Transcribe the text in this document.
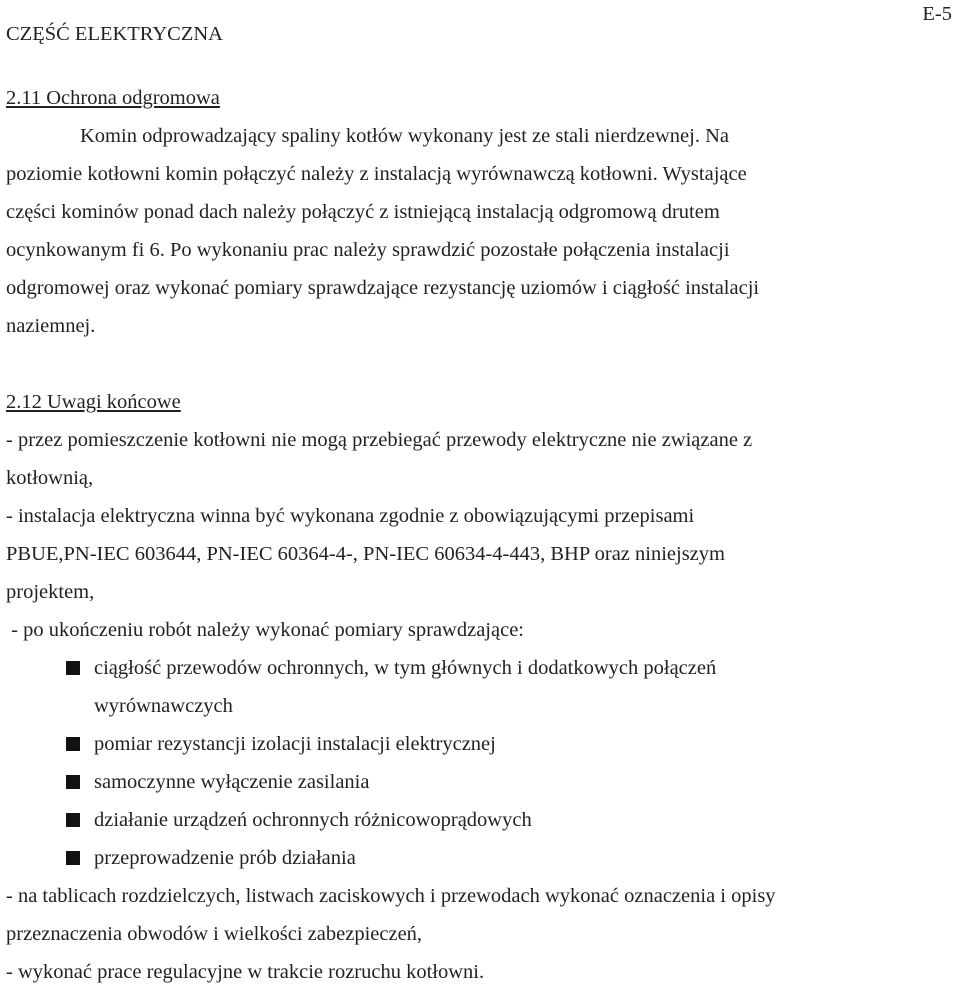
CZĘŚĆ ELEKTRYCZNA
E-5
2.11 Ochrona odgromowa
Komin odprowadzający spaliny kotłów wykonany jest ze stali nierdzewnej. Na
poziomie kotłowni komin połączyć należy z instalacją wyrównawczą kotłowni. Wystające
części kominów ponad dach należy połączyć z istniejącą instalacją odgromową drutem
ocynkowanym fi 6. Po wykonaniu prac należy sprawdzić pozostałe połączenia instalacji
odgromowej oraz wykonać pomiary sprawdzające rezystancję uziomów i ciągłość instalacji
naziemnej.
2.12 Uwagi końcowe
- przez pomieszczenie kotłowni nie mogą przebiegać przewody elektryczne nie związane z
kotłownią,
- instalacja elektryczna winna być wykonana zgodnie z obowiązującymi przepisami
PBUE,PN-IEC 603644, PN-IEC 60364-4-, PN-IEC 60634-4-443, BHP oraz niniejszym
projektem,
- po ukończeniu robót należy wykonać pomiary sprawdzające:
ciągłość przewodów ochronnych, w tym głównych i dodatkowych połączeń
wyrównawczych
pomiar rezystancji izolacji instalacji elektrycznej
samoczynne wyłączenie zasilania
działanie urządzeń ochronnych różnicowoprądowych
przeprowadzenie prób działania
- na tablicach rozdzielczych, listwach zaciskowych i przewodach wykonać oznaczenia i opisy
przeznaczenia obwodów i wielkości zabezpieczeń,
- wykonać prace regulacyjne w trakcie rozruchu kotłowni.
